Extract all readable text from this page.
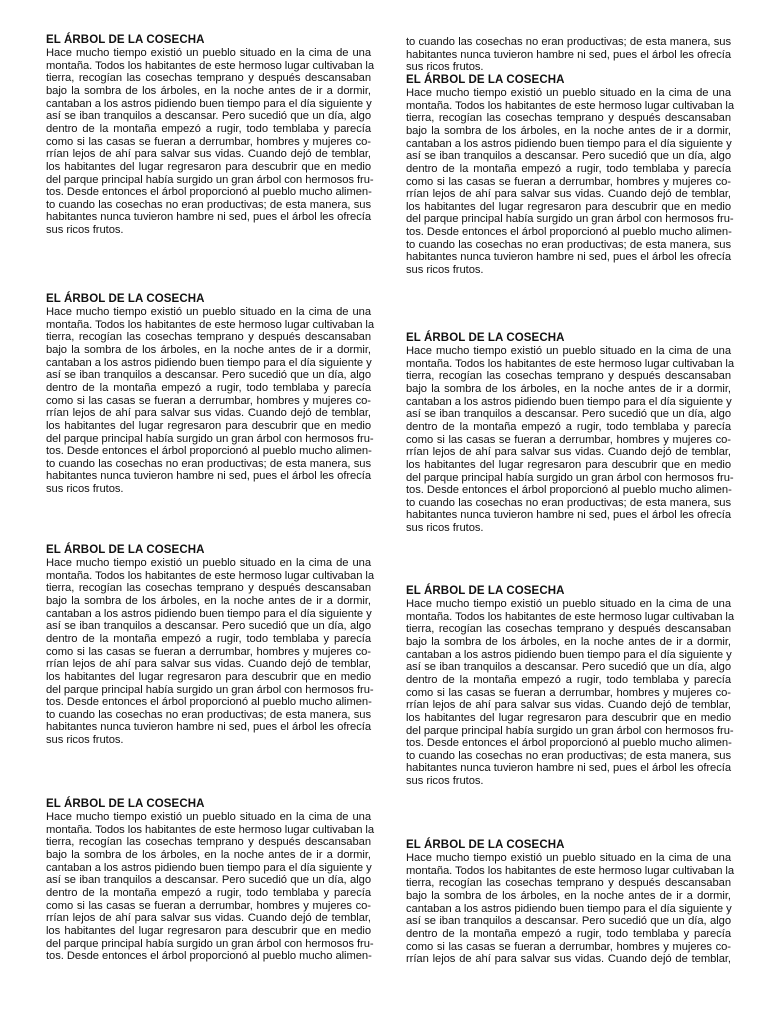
EL ÁRBOL DE LA COSECHA
Hace mucho tiempo existió un pueblo situado en la cima de una
montaña. Todos los habitantes de este hermoso lugar cultivaban la
tierra, recogían las cosechas temprano y después descansaban
bajo la sombra de los árboles, en la noche antes de ir a dormir,
cantaban a los astros pidiendo buen tiempo para el día siguiente y
así se iban tranquilos a descansar. Pero sucedió que un día, algo
dentro de la montaña empezó a rugir, todo temblaba y parecía
como si las casas se fueran a derrumbar, hombres y mujeres co-
rrían lejos de ahí para salvar sus vidas. Cuando dejó de temblar,
los habitantes del lugar regresaron para descubrir que en medio
del parque principal había surgido un gran árbol con hermosos fru-
tos. Desde entonces el árbol proporcionó al pueblo mucho alimen-
to cuando las cosechas no eran productivas; de esta manera, sus
habitantes nunca tuvieron hambre ni sed, pues el árbol les ofrecía
sus ricos frutos.
EL ÁRBOL DE LA COSECHA
Hace mucho tiempo existió un pueblo situado en la cima de una
montaña. Todos los habitantes de este hermoso lugar cultivaban la
tierra, recogían las cosechas temprano y después descansaban
bajo la sombra de los árboles, en la noche antes de ir a dormir,
cantaban a los astros pidiendo buen tiempo para el día siguiente y
así se iban tranquilos a descansar. Pero sucedió que un día, algo
dentro de la montaña empezó a rugir, todo temblaba y parecía
como si las casas se fueran a derrumbar, hombres y mujeres co-
rrían lejos de ahí para salvar sus vidas. Cuando dejó de temblar,
los habitantes del lugar regresaron para descubrir que en medio
del parque principal había surgido un gran árbol con hermosos fru-
tos. Desde entonces el árbol proporcionó al pueblo mucho alimen-
to cuando las cosechas no eran productivas; de esta manera, sus
habitantes nunca tuvieron hambre ni sed, pues el árbol les ofrecía
sus ricos frutos.
EL ÁRBOL DE LA COSECHA
Hace mucho tiempo existió un pueblo situado en la cima de una
montaña. Todos los habitantes de este hermoso lugar cultivaban la
tierra, recogían las cosechas temprano y después descansaban
bajo la sombra de los árboles, en la noche antes de ir a dormir,
cantaban a los astros pidiendo buen tiempo para el día siguiente y
así se iban tranquilos a descansar. Pero sucedió que un día, algo
dentro de la montaña empezó a rugir, todo temblaba y parecía
como si las casas se fueran a derrumbar, hombres y mujeres co-
rrían lejos de ahí para salvar sus vidas. Cuando dejó de temblar,
los habitantes del lugar regresaron para descubrir que en medio
del parque principal había surgido un gran árbol con hermosos fru-
tos. Desde entonces el árbol proporcionó al pueblo mucho alimen-
to cuando las cosechas no eran productivas; de esta manera, sus
habitantes nunca tuvieron hambre ni sed, pues el árbol les ofrecía
sus ricos frutos.
EL ÁRBOL DE LA COSECHA
Hace mucho tiempo existió un pueblo situado en la cima de una
montaña. Todos los habitantes de este hermoso lugar cultivaban la
tierra, recogían las cosechas temprano y después descansaban
bajo la sombra de los árboles, en la noche antes de ir a dormir,
cantaban a los astros pidiendo buen tiempo para el día siguiente y
así se iban tranquilos a descansar. Pero sucedió que un día, algo
dentro de la montaña empezó a rugir, todo temblaba y parecía
como si las casas se fueran a derrumbar, hombres y mujeres co-
rrían lejos de ahí para salvar sus vidas. Cuando dejó de temblar,
los habitantes del lugar regresaron para descubrir que en medio
del parque principal había surgido un gran árbol con hermosos fru-
tos. Desde entonces el árbol proporcionó al pueblo mucho alimen-
to cuando las cosechas no eran productivas; de esta manera, sus
habitantes nunca tuvieron hambre ni sed, pues el árbol les ofrecía
sus ricos frutos.
EL ÁRBOL DE LA COSECHA
Hace mucho tiempo existió un pueblo situado en la cima de una
montaña. Todos los habitantes de este hermoso lugar cultivaban la
tierra, recogían las cosechas temprano y después descansaban
bajo la sombra de los árboles, en la noche antes de ir a dormir,
cantaban a los astros pidiendo buen tiempo para el día siguiente y
así se iban tranquilos a descansar. Pero sucedió que un día, algo
dentro de la montaña empezó a rugir, todo temblaba y parecía
como si las casas se fueran a derrumbar, hombres y mujeres co-
rrían lejos de ahí para salvar sus vidas. Cuando dejó de temblar,
los habitantes del lugar regresaron para descubrir que en medio
del parque principal había surgido un gran árbol con hermosos fru-
tos. Desde entonces el árbol proporcionó al pueblo mucho alimen-
to cuando las cosechas no eran productivas; de esta manera, sus
habitantes nunca tuvieron hambre ni sed, pues el árbol les ofrecía
sus ricos frutos.
EL ÁRBOL DE LA COSECHA
Hace mucho tiempo existió un pueblo situado en la cima de una
montaña. Todos los habitantes de este hermoso lugar cultivaban la
tierra, recogían las cosechas temprano y después descansaban
bajo la sombra de los árboles, en la noche antes de ir a dormir,
cantaban a los astros pidiendo buen tiempo para el día siguiente y
así se iban tranquilos a descansar. Pero sucedió que un día, algo
dentro de la montaña empezó a rugir, todo temblaba y parecía
como si las casas se fueran a derrumbar, hombres y mujeres co-
rrían lejos de ahí para salvar sus vidas. Cuando dejó de temblar,
los habitantes del lugar regresaron para descubrir que en medio
del parque principal había surgido un gran árbol con hermosos fru-
tos. Desde entonces el árbol proporcionó al pueblo mucho alimen-
to cuando las cosechas no eran productivas; de esta manera, sus
habitantes nunca tuvieron hambre ni sed, pues el árbol les ofrecía
sus ricos frutos.
EL ÁRBOL DE LA COSECHA
Hace mucho tiempo existió un pueblo situado en la cima de una
montaña. Todos los habitantes de este hermoso lugar cultivaban la
tierra, recogían las cosechas temprano y después descansaban
bajo la sombra de los árboles, en la noche antes de ir a dormir,
cantaban a los astros pidiendo buen tiempo para el día siguiente y
así se iban tranquilos a descansar. Pero sucedió que un día, algo
dentro de la montaña empezó a rugir, todo temblaba y parecía
como si las casas se fueran a derrumbar, hombres y mujeres co-
rrían lejos de ahí para salvar sus vidas. Cuando dejó de temblar,
los habitantes del lugar regresaron para descubrir que en medio
del parque principal había surgido un gran árbol con hermosos fru-
tos. Desde entonces el árbol proporcionó al pueblo mucho alimen-
to cuando las cosechas no eran productivas; de esta manera, sus
habitantes nunca tuvieron hambre ni sed, pues el árbol les ofrecía
sus ricos frutos.
EL ÁRBOL DE LA COSECHA
Hace mucho tiempo existió un pueblo situado en la cima de una
montaña. Todos los habitantes de este hermoso lugar cultivaban la
tierra, recogían las cosechas temprano y después descansaban
bajo la sombra de los árboles, en la noche antes de ir a dormir,
cantaban a los astros pidiendo buen tiempo para el día siguiente y
así se iban tranquilos a descansar. Pero sucedió que un día, algo
dentro de la montaña empezó a rugir, todo temblaba y parecía
como si las casas se fueran a derrumbar, hombres y mujeres co-
rrían lejos de ahí para salvar sus vidas. Cuando dejó de temblar,
